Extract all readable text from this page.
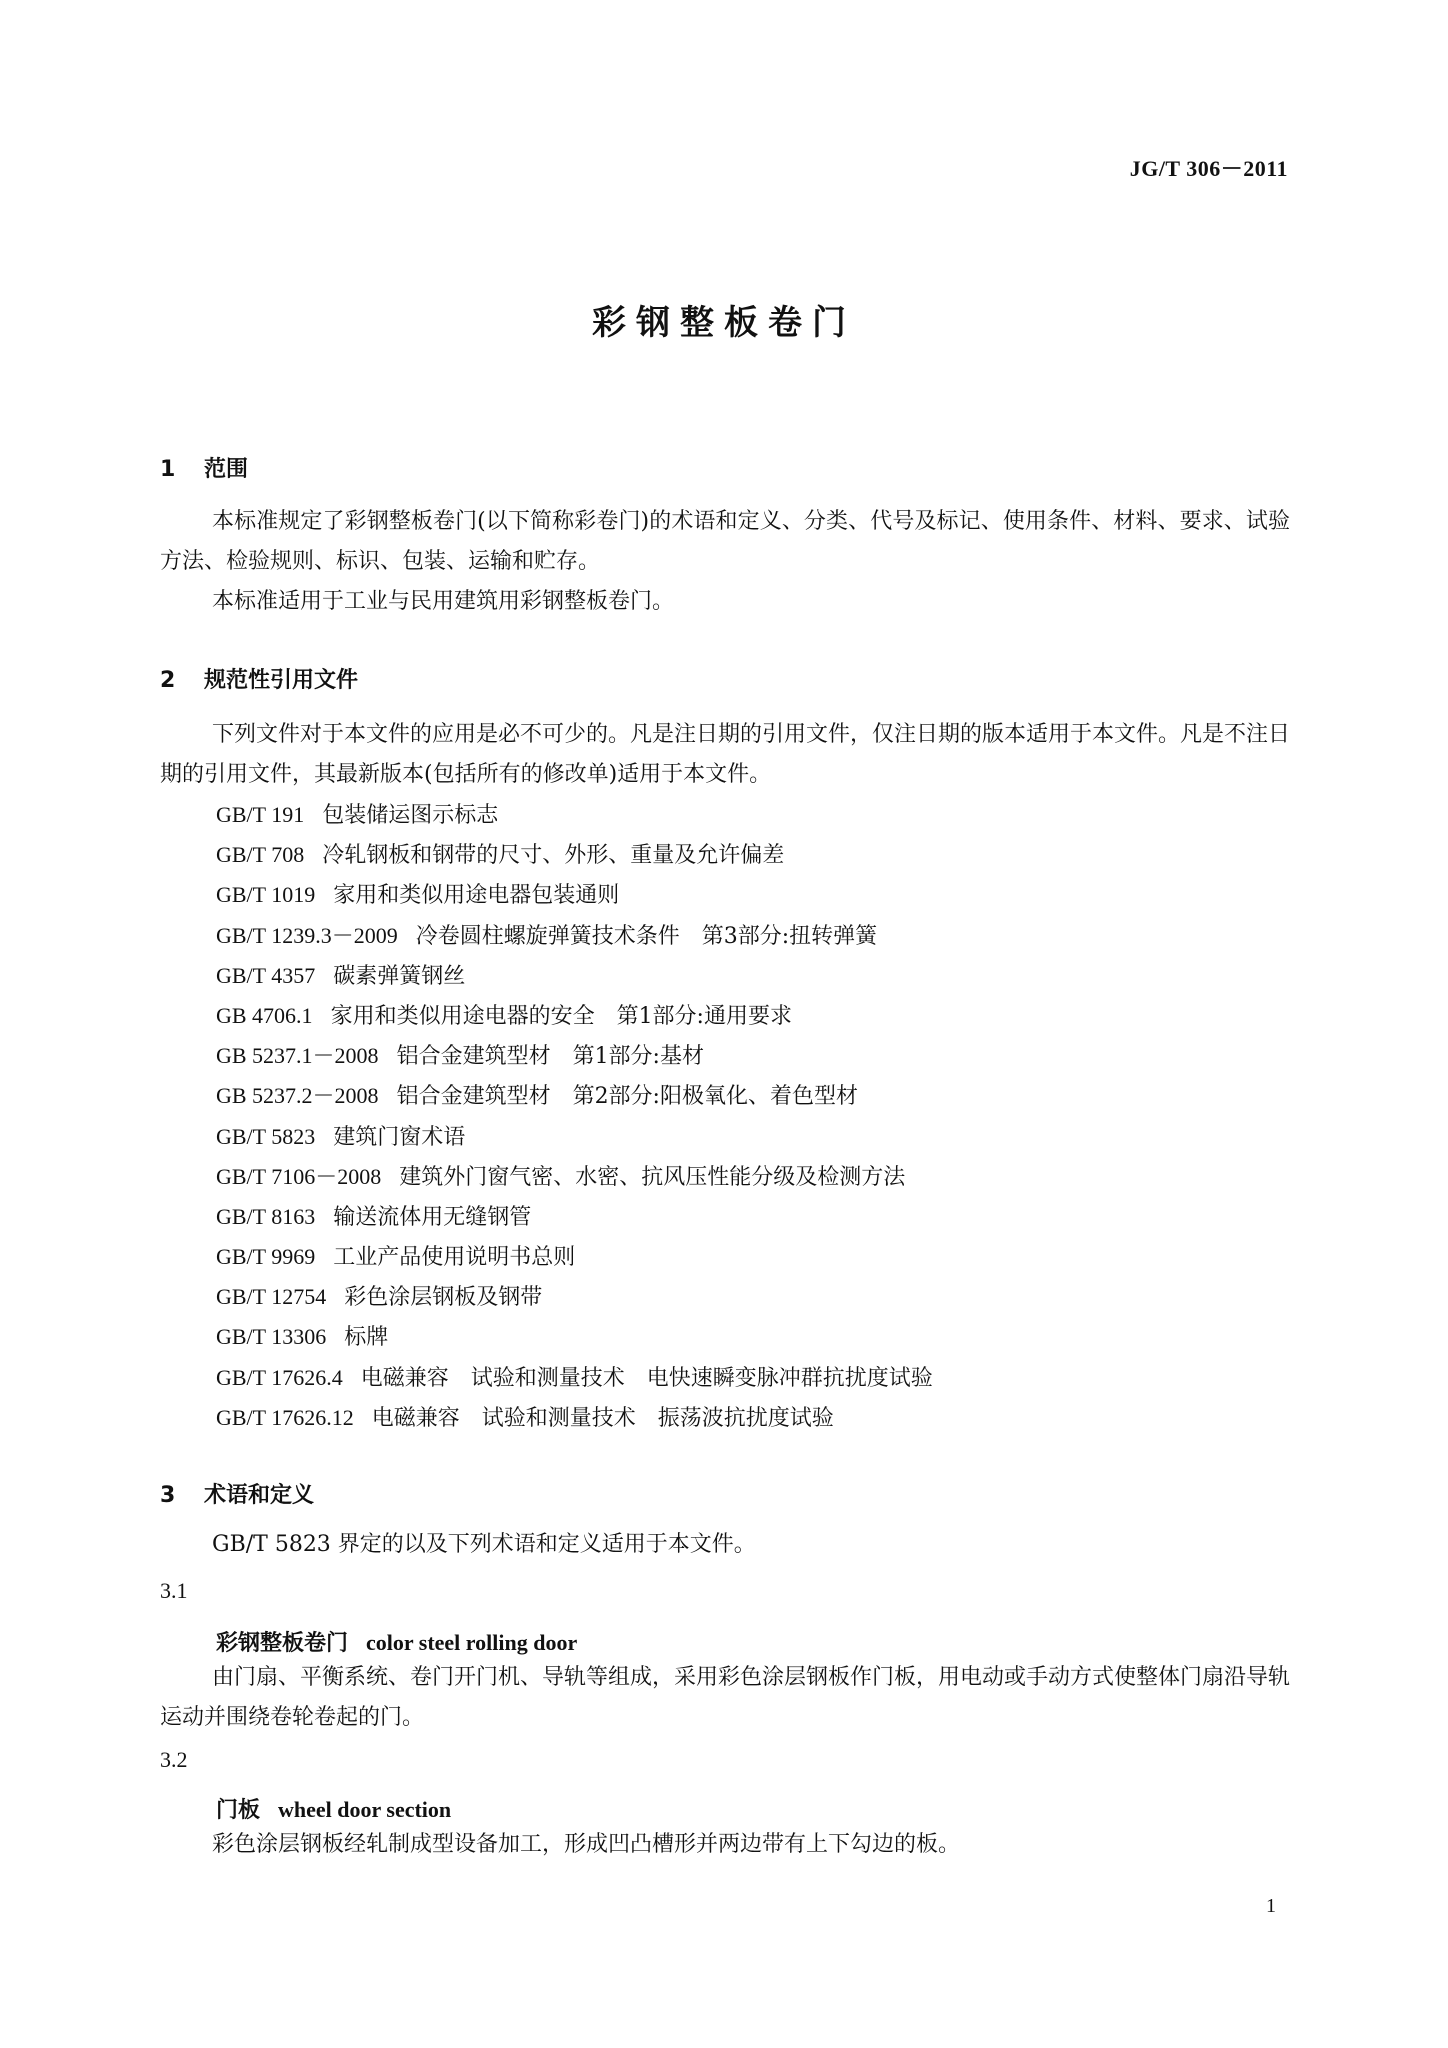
JG/T 306－2011
彩钢整板卷门
1 范围
本标准规定了彩钢整板卷门(以下简称彩卷门)的术语和定义、分类、代号及标记、使用条件、材料、要求、试验方法、检验规则、标识、包装、运输和贮存。
本标准适用于工业与民用建筑用彩钢整板卷门。
2 规范性引用文件
下列文件对于本文件的应用是必不可少的。凡是注日期的引用文件，仅注日期的版本适用于本文件。凡是不注日期的引用文件，其最新版本(包括所有的修改单)适用于本文件。
GB/T 191 包装储运图示标志
GB/T 708 冷轧钢板和钢带的尺寸、外形、重量及允许偏差
GB/T 1019 家用和类似用途电器包装通则
GB/T 1239.3－2009 冷卷圆柱螺旋弹簧技术条件　第3部分:扭转弹簧
GB/T 4357 碳素弹簧钢丝
GB 4706.1 家用和类似用途电器的安全　第1部分:通用要求
GB 5237.1－2008 铝合金建筑型材　第1部分:基材
GB 5237.2－2008 铝合金建筑型材　第2部分:阳极氧化、着色型材
GB/T 5823 建筑门窗术语
GB/T 7106－2008 建筑外门窗气密、水密、抗风压性能分级及检测方法
GB/T 8163 输送流体用无缝钢管
GB/T 9969 工业产品使用说明书总则
GB/T 12754 彩色涂层钢板及钢带
GB/T 13306 标牌
GB/T 17626.4 电磁兼容　试验和测量技术　电快速瞬变脉冲群抗扰度试验
GB/T 17626.12 电磁兼容　试验和测量技术　振荡波抗扰度试验
3 术语和定义
GB/T 5823 界定的以及下列术语和定义适用于本文件。
3.1
彩钢整板卷门 color steel rolling door
由门扇、平衡系统、卷门开门机、导轨等组成，采用彩色涂层钢板作门板，用电动或手动方式使整体门扇沿导轨运动并围绕卷轮卷起的门。
3.2
门板 wheel door section
彩色涂层钢板经轧制成型设备加工，形成凹凸槽形并两边带有上下勾边的板。
1
